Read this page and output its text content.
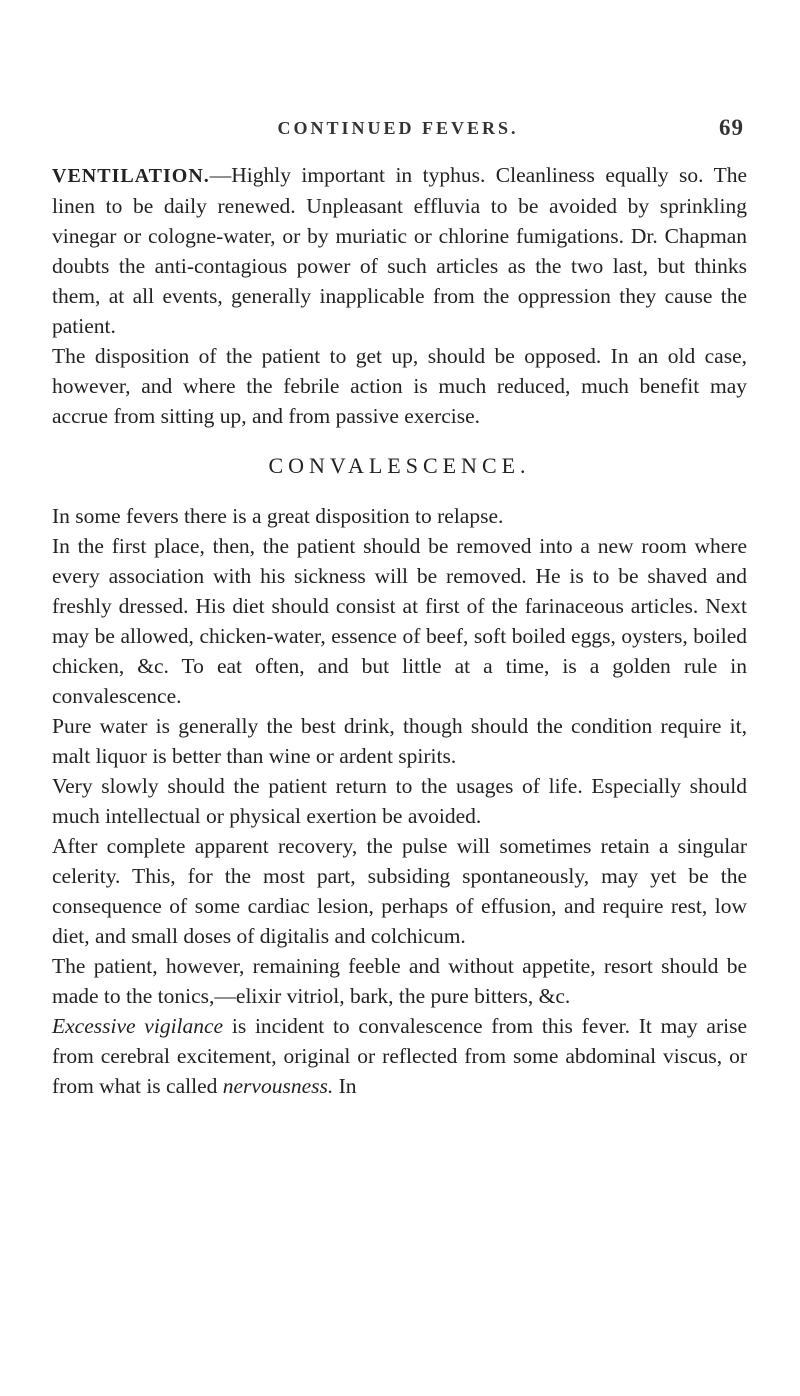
CONTINUED FEVERS.	69

VENTILATION.—Highly important in typhus. Cleanliness equally so. The linen to be daily renewed. Unpleasant effluvia to be avoided by sprinkling vinegar or cologne-water, or by muriatic or chlorine fumigations. Dr. Chapman doubts the anti-contagious power of such articles as the two last, but thinks them, at all events, generally inapplicable from the oppression they cause the patient.

The disposition of the patient to get up, should be opposed. In an old case, however, and where the febrile action is much reduced, much benefit may accrue from sitting up, and from passive exercise.

CONVALESCENCE.

In some fevers there is a great disposition to relapse.

In the first place, then, the patient should be removed into a new room where every association with his sickness will be removed. He is to be shaved and freshly dressed. His diet should consist at first of the farinaceous articles. Next may be allowed, chicken-water, essence of beef, soft boiled eggs, oysters, boiled chicken, &c. To eat often, and but little at a time, is a golden rule in convalescence.

Pure water is generally the best drink, though should the condition require it, malt liquor is better than wine or ardent spirits.

Very slowly should the patient return to the usages of life. Especially should much intellectual or physical exertion be avoided.

After complete apparent recovery, the pulse will sometimes retain a singular celerity. This, for the most part, subsiding spontaneously, may yet be the consequence of some cardiac lesion, perhaps of effusion, and require rest, low diet, and small doses of digitalis and colchicum.

The patient, however, remaining feeble and without appetite, resort should be made to the tonics,—elixir vitriol, bark, the pure bitters, &c.

Excessive vigilance is incident to convalescence from this fever. It may arise from cerebral excitement, original or reflected from some abdominal viscus, or from what is called nervousness. In
